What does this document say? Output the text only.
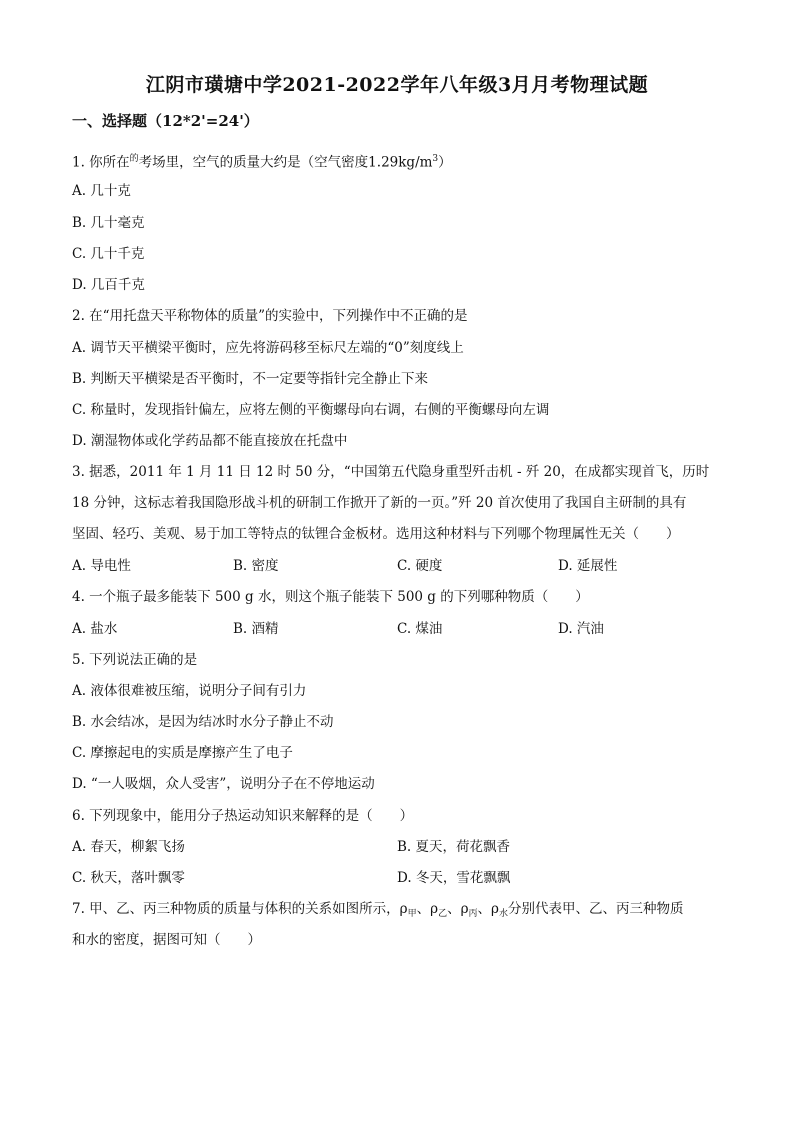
江阴市璜塘中学2021-2022学年八年级3月月考物理试题
一、选择题（12*2'=24'）
1. 你所在$^的$考场里，空气的质量大约是（空气密度$1.29kg/m^3$）
A. 几十克
B. 几十毫克
C. 几十千克
D. 几百千克
2. 在“用托盘天平称物体的质量”的实验中，下列操作中不正确的是
A. 调节天平横梁平衡时，应先将游码移至标尺左端的“0”刻度线上
B. 判断天平横梁是否平衡时，不一定要等指针完全静止下来
C. 称量时，发现指针偏左，应将左侧的平衡螺母向右调，右侧的平衡螺母向左调
D. 潮湿物体或化学药品都不能直接放在托盘中
3. 据悉，2011 年 1 月 11 日 12 时 50 分，“中国第五代隐身重型歼击机 - 歼 20，在成都实现首飞，历时
18 分钟，这标志着我国隐形战斗机的研制工作掀开了新的一页。”歼 20 首次使用了我国自主研制的具有
坚固、轻巧、美观、易于加工等特点的钛锂合金板材。选用这种材料与下列哪个物理属性无关（　　）
A. 导电性	B. 密度	C. 硬度	D. 延展性
4. 一个瓶子最多能装下 500 g 水，则这个瓶子能装下 500 g 的下列哪种物质（　　）
A. 盐水	B. 酒精	C. 煤油	D. 汽油
5. 下列说法正确的是
A. 液体很难被压缩，说明分子间有引力
B. 水会结冰，是因为结冰时水分子静止不动
C. 摩擦起电的实质是摩擦产生了电子
D. “一人吸烟，众人受害”，说明分子在不停地运动
6. 下列现象中，能用分子热运动知识来解释的是（　　）
A. 春天，柳絮飞扬	B. 夏天，荷花飘香
C. 秋天，落叶飘零	D. 冬天，雪花飘飘
7. 甲、乙、丙三种物质的质量与体积的关系如图所示，$\rho_甲$、$\rho_乙$、$\rho_丙$、$\rho_水$分别代表甲、乙、丙三种物质
和水的密度，据图可知（　　）
